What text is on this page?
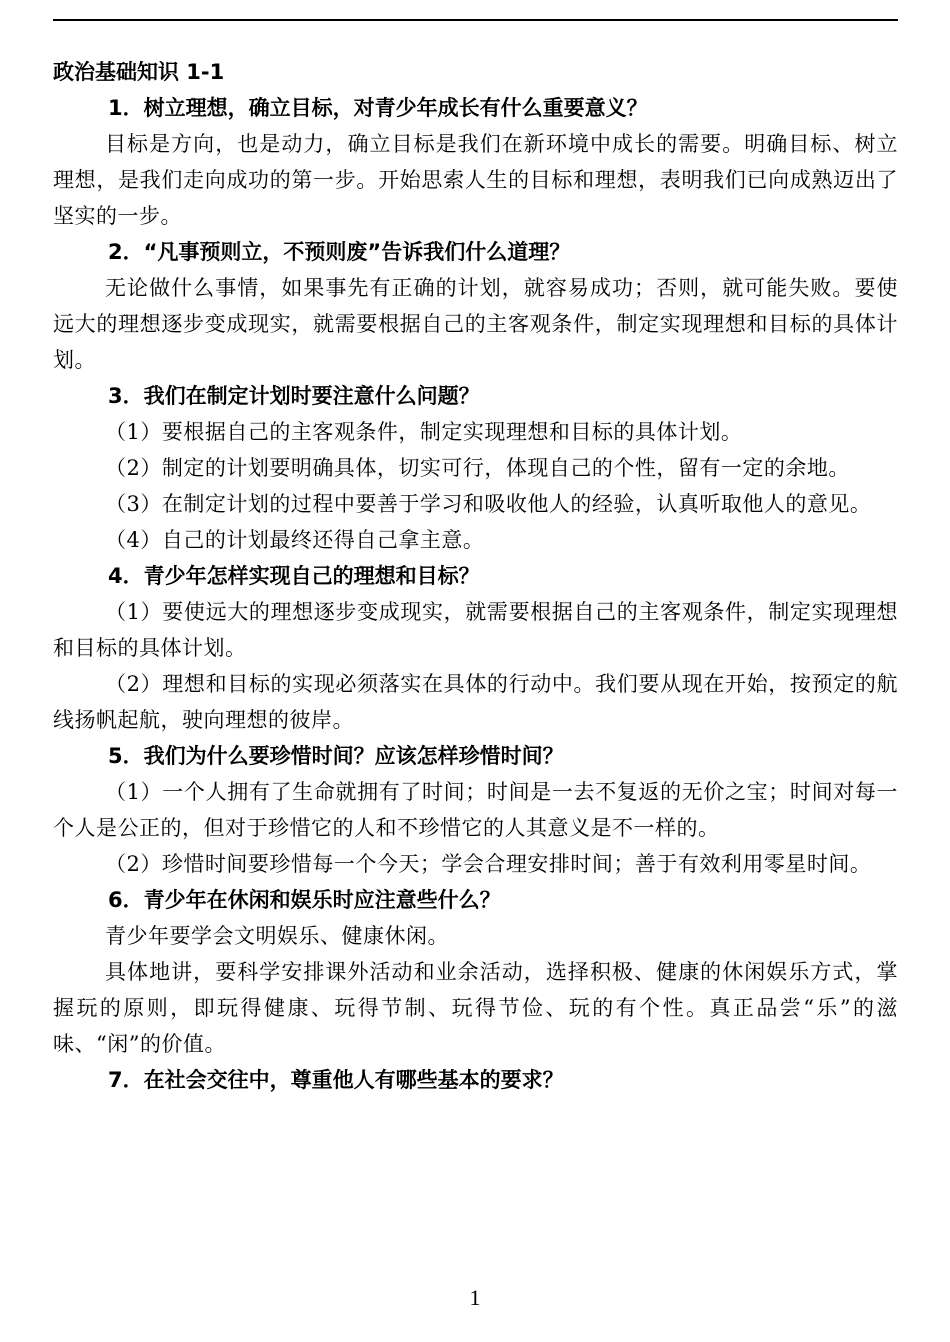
政治基础知识 1-1
1．树立理想，确立目标，对青少年成长有什么重要意义？

目标是方向，也是动力，确立目标是我们在新环境中成长的需要。明确目标、树立理想，是我们走向成功的第一步。开始思索人生的目标和理想，表明我们已向成熟迈出了坚实的一步。

2．“凡事预则立，不预则废”告诉我们什么道理？

无论做什么事情，如果事先有正确的计划，就容易成功；否则，就可能失败。要使远大的理想逐步变成现实，就需要根据自己的主客观条件，制定实现理想和目标的具体计划。

3．我们在制定计划时要注意什么问题？

（1）要根据自己的主客观条件，制定实现理想和目标的具体计划。

（2）制定的计划要明确具体，切实可行，体现自己的个性，留有一定的余地。

（3）在制定计划的过程中要善于学习和吸收他人的经验，认真听取他人的意见。

（4）自己的计划最终还得自己拿主意。

4．青少年怎样实现自己的理想和目标？

（1）要使远大的理想逐步变成现实，就需要根据自己的主客观条件，制定实现理想和目标的具体计划。

（2）理想和目标的实现必须落实在具体的行动中。我们要从现在开始，按预定的航线扬帆起航，驶向理想的彼岸。

5．我们为什么要珍惜时间？应该怎样珍惜时间？

（1）一个人拥有了生命就拥有了时间；时间是一去不复返的无价之宝；时间对每一个人是公正的，但对于珍惜它的人和不珍惜它的人其意义是不一样的。

（2）珍惜时间要珍惜每一个今天；学会合理安排时间；善于有效利用零星时间。

6．青少年在休闲和娱乐时应注意些什么？

青少年要学会文明娱乐、健康休闲。

具体地讲，要科学安排课外活动和业余活动，选择积极、健康的休闲娱乐方式，掌握玩的原则，即玩得健康、玩得节制、玩得节俭、玩的有个性。真正品尝“乐”的滋味、“闲”的价值。

7．在社会交往中，尊重他人有哪些基本的要求？
1
